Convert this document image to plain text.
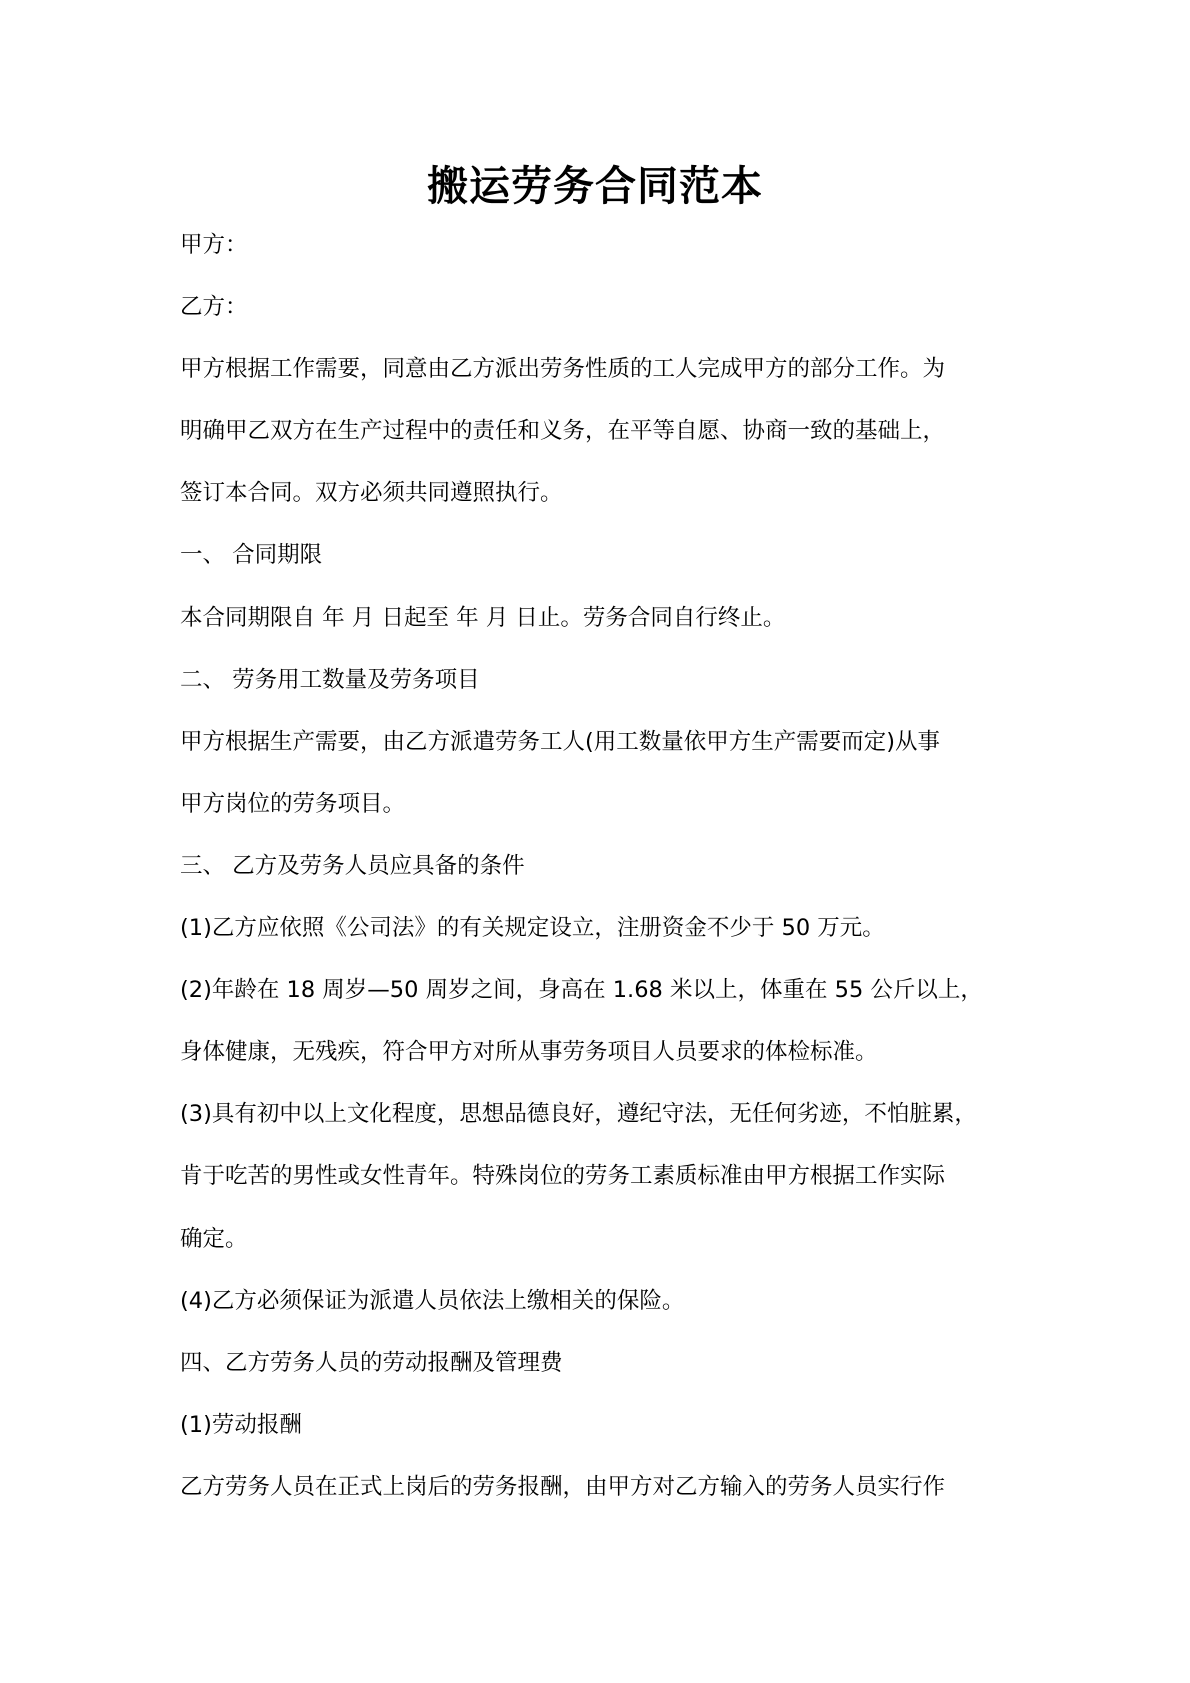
搬运劳务合同范本
甲方：
乙方：
甲方根据工作需要，同意由乙方派出劳务性质的工人完成甲方的部分工作。为
明确甲乙双方在生产过程中的责任和义务，在平等自愿、协商一致的基础上，
签订本合同。双方必须共同遵照执行。
一、 合同期限
本合同期限自 年 月 日起至 年 月 日止。劳务合同自行终止。
二、 劳务用工数量及劳务项目
甲方根据生产需要，由乙方派遣劳务工人(用工数量依甲方生产需要而定)从事
甲方岗位的劳务项目。
三、 乙方及劳务人员应具备的条件
(1)乙方应依照《公司法》的有关规定设立，注册资金不少于 50 万元。
(2)年龄在 18 周岁—50 周岁之间，身高在 1.68 米以上，体重在 55 公斤以上，
身体健康，无残疾，符合甲方对所从事劳务项目人员要求的体检标准。
(3)具有初中以上文化程度，思想品德良好，遵纪守法，无任何劣迹，不怕脏累，
肯于吃苦的男性或女性青年。特殊岗位的劳务工素质标准由甲方根据工作实际
确定。
(4)乙方必须保证为派遣人员依法上缴相关的保险。
四、乙方劳务人员的劳动报酬及管理费
(1)劳动报酬
乙方劳务人员在正式上岗后的劳务报酬，由甲方对乙方输入的劳务人员实行作
